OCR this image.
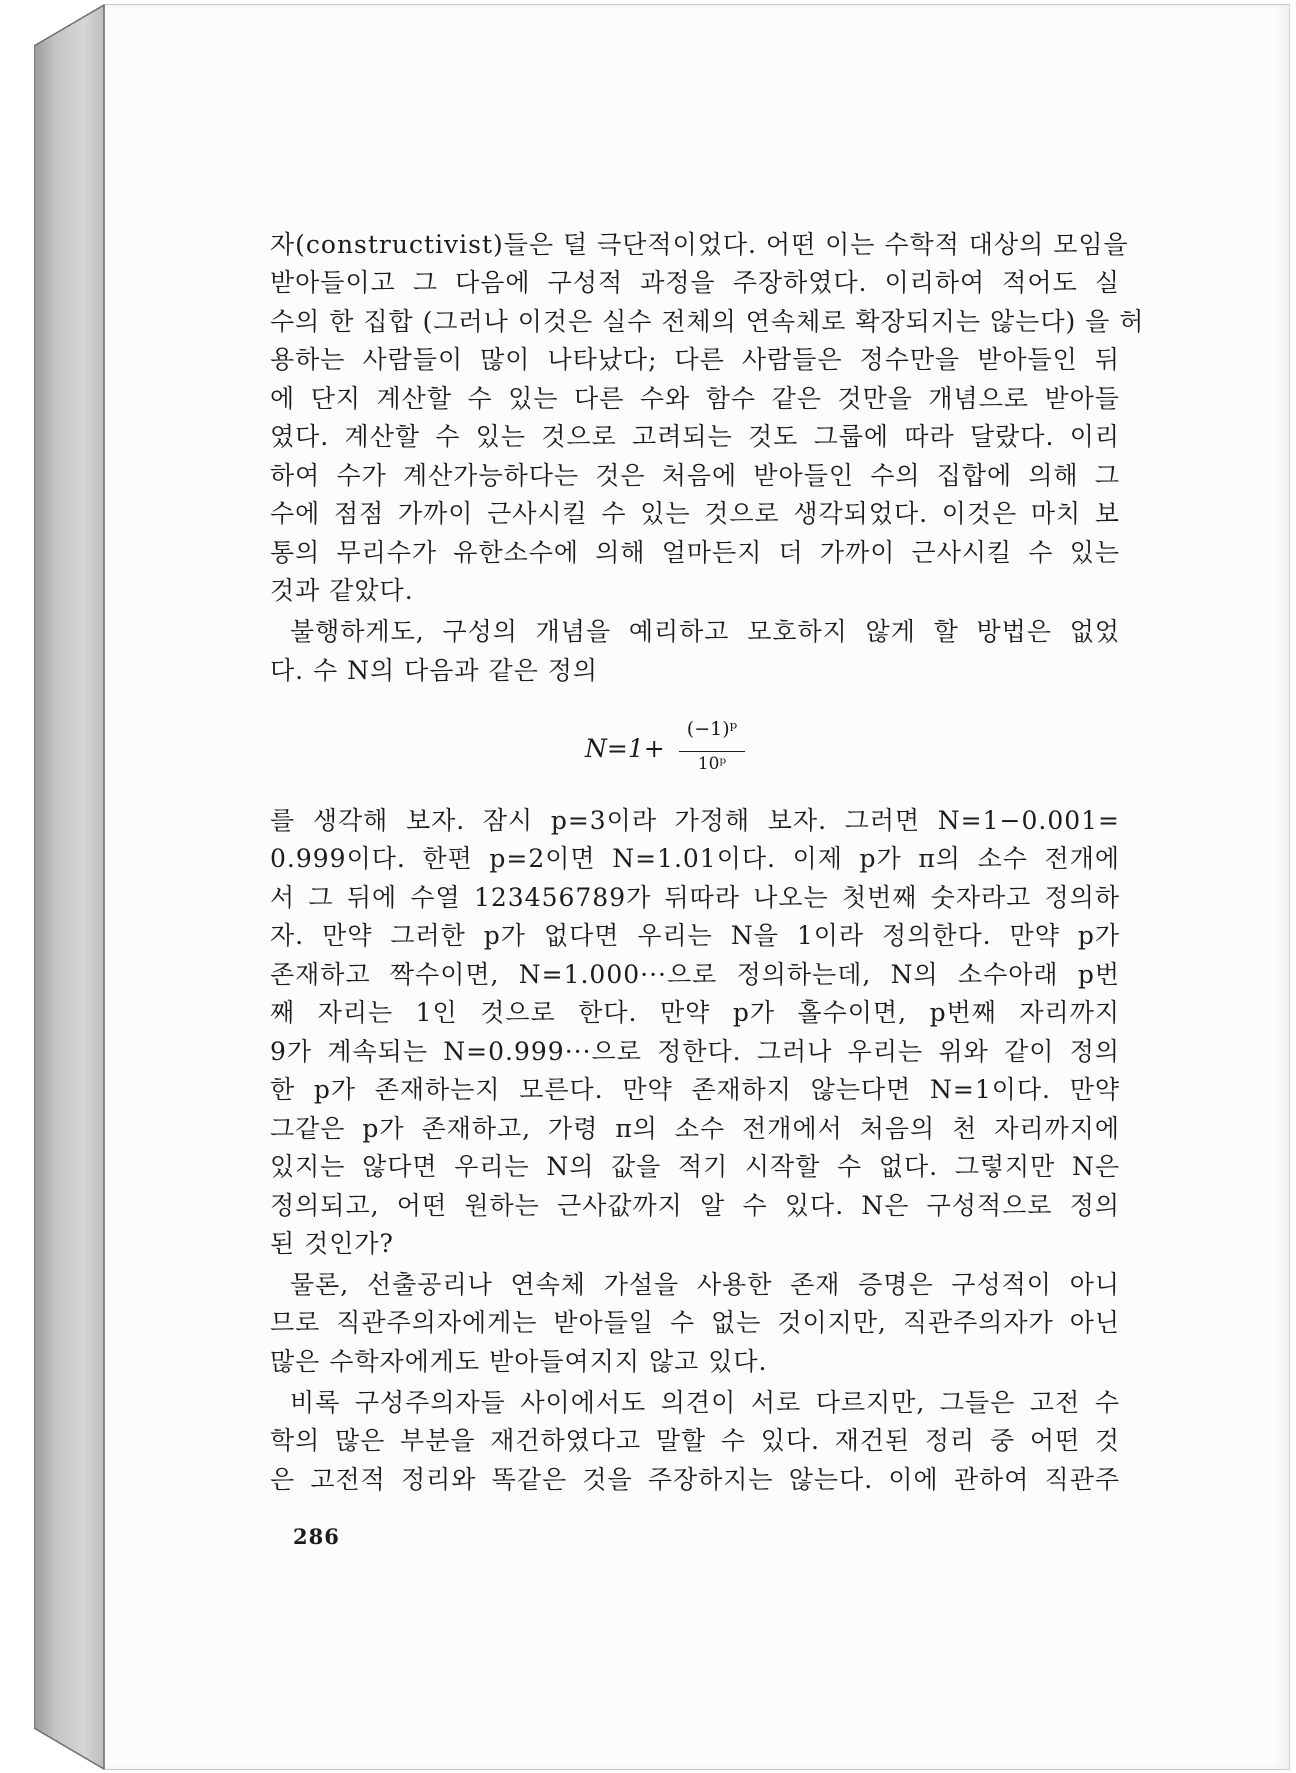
자(constructivist)들은 덜 극단적이었다. 어떤 이는 수학적 대상의 모임을
받아들이고 그 다음에 구성적 과정을 주장하였다. 이리하여 적어도 실
수의 한 집합 (그러나 이것은 실수 전체의 연속체로 확장되지는 않는다) 을 허
용하는 사람들이 많이 나타났다; 다른 사람들은 정수만을 받아들인 뒤
에 단지 계산할 수 있는 다른 수와 함수 같은 것만을 개념으로 받아들
였다. 계산할 수 있는 것으로 고려되는 것도 그룹에 따라 달랐다. 이리
하여 수가 계산가능하다는 것은 처음에 받아들인 수의 집합에 의해 그
수에 점점 가까이 근사시킬 수 있는 것으로 생각되었다. 이것은 마치 보
통의 무리수가 유한소수에 의해 얼마든지 더 가까이 근사시킬 수 있는
것과 같았다.
불행하게도, 구성의 개념을 예리하고 모호하지 않게 할 방법은 없었
다. 수 N의 다음과 같은 정의
N=1+
(−1)ᵖ
10ᵖ
를 생각해 보자. 잠시 p=3이라 가정해 보자. 그러면 N=1−0.001=
0.999이다. 한편 p=2이면 N=1.01이다. 이제 p가 π의 소수 전개에
서 그 뒤에 수열 123456789가 뒤따라 나오는 첫번째 숫자라고 정의하
자. 만약 그러한 p가 없다면 우리는 N을 1이라 정의한다. 만약 p가
존재하고 짝수이면, N=1.000···으로 정의하는데, N의 소수아래 p번
째 자리는 1인 것으로 한다. 만약 p가 홀수이면, p번째 자리까지
9가 계속되는 N=0.999···으로 정한다. 그러나 우리는 위와 같이 정의
한 p가 존재하는지 모른다. 만약 존재하지 않는다면 N=1이다. 만약
그같은 p가 존재하고, 가령 π의 소수 전개에서 처음의 천 자리까지에
있지는 않다면 우리는 N의 값을 적기 시작할 수 없다. 그렇지만 N은
정의되고, 어떤 원하는 근사값까지 알 수 있다. N은 구성적으로 정의
된 것인가?
물론, 선출공리나 연속체 가설을 사용한 존재 증명은 구성적이 아니
므로 직관주의자에게는 받아들일 수 없는 것이지만, 직관주의자가 아닌
많은 수학자에게도 받아들여지지 않고 있다.
비록 구성주의자들 사이에서도 의견이 서로 다르지만, 그들은 고전 수
학의 많은 부분을 재건하였다고 말할 수 있다. 재건된 정리 중 어떤 것
은 고전적 정리와 똑같은 것을 주장하지는 않는다. 이에 관하여 직관주
286
